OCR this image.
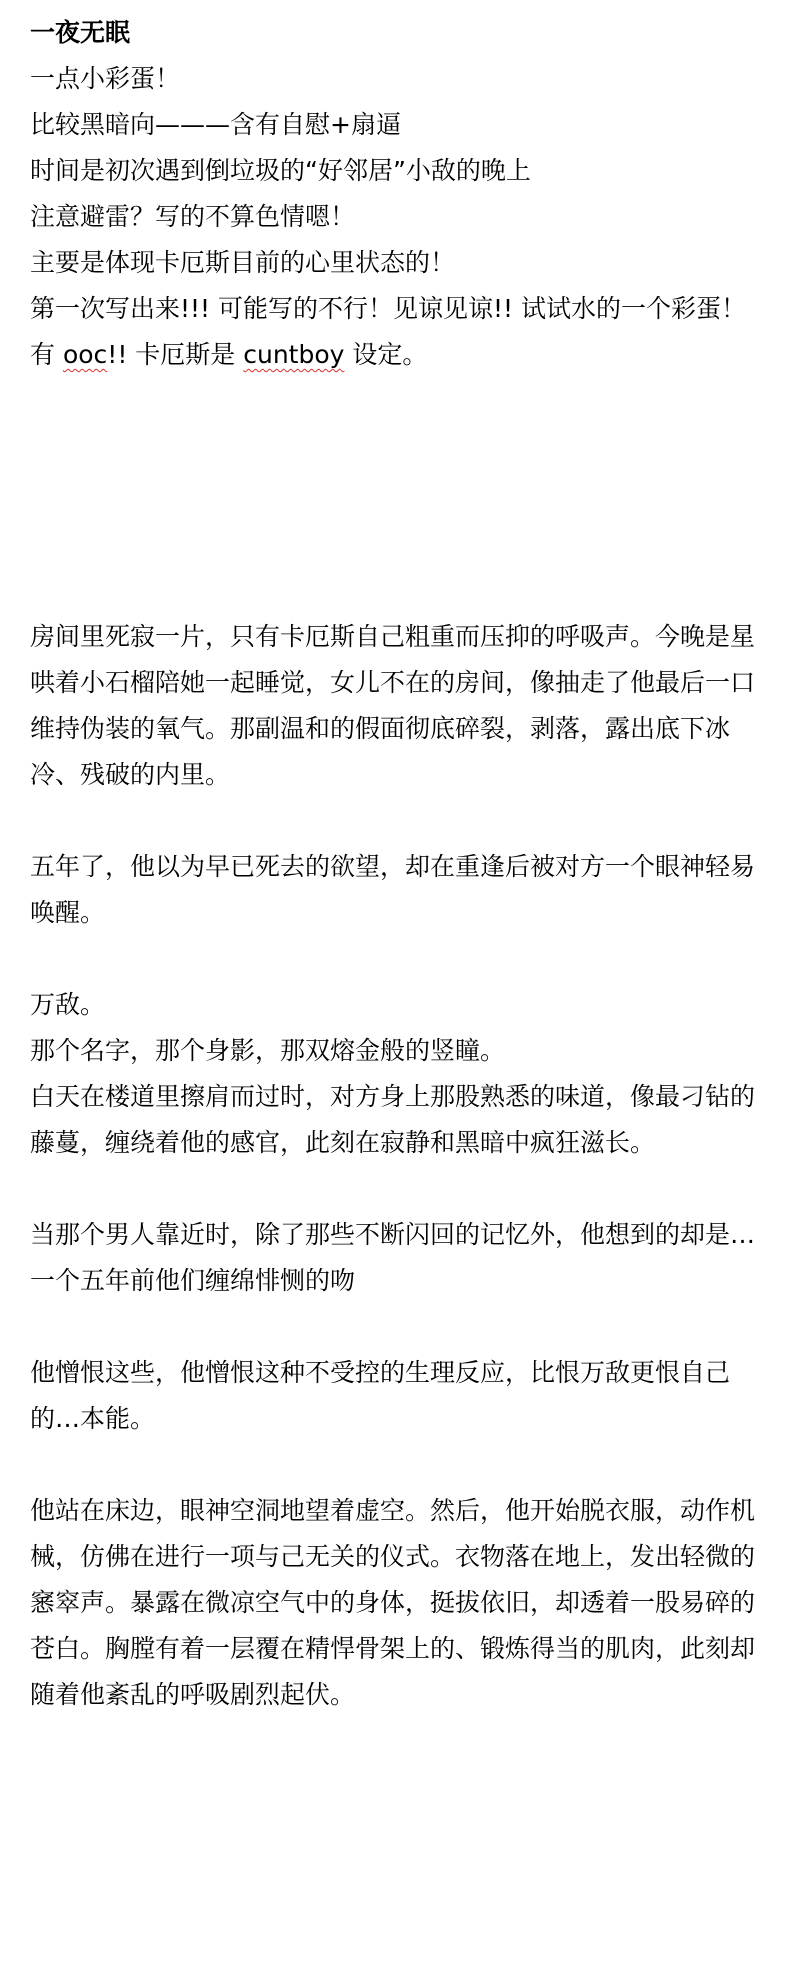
一夜无眠

一点小彩蛋！

比较黑暗向———含有自慰+扇逼

时间是初次遇到倒垃圾的“好邻居”小敌的晚上

注意避雷？写的不算色情嗯！

主要是体现卡厄斯目前的心里状态的！

第一次写出来!!! 可能写的不行！见谅见谅!! 试试水的一个彩蛋！

有 ooc!! 卡厄斯是 cuntboy 设定。

房间里死寂一片，只有卡厄斯自己粗重而压抑的呼吸声。今晚是星哄着小石榴陪她一起睡觉，女儿不在的房间，像抽走了他最后一口维持伪装的氧气。那副温和的假面彻底碎裂，剥落，露出底下冰冷、残破的内里。

五年了，他以为早已死去的欲望，却在重逢后被对方一个眼神轻易唤醒。

万敌。

那个名字，那个身影，那双熔金般的竖瞳。

白天在楼道里擦肩而过时，对方身上那股熟悉的味道，像最刁钻的藤蔓，缠绕着他的感官，此刻在寂静和黑暗中疯狂滋长。

当那个男人靠近时，除了那些不断闪回的记忆外，他想到的却是…一个五年前他们缠绵悱恻的吻

他憎恨这些，他憎恨这种不受控的生理反应，比恨万敌更恨自己的…本能。

他站在床边，眼神空洞地望着虚空。然后，他开始脱衣服，动作机械，仿佛在进行一项与己无关的仪式。衣物落在地上，发出轻微的窸窣声。暴露在微凉空气中的身体，挺拔依旧，却透着一股易碎的苍白。胸膛有着一层覆在精悍骨架上的、锻炼得当的肌肉，此刻却随着他紊乱的呼吸剧烈起伏。
